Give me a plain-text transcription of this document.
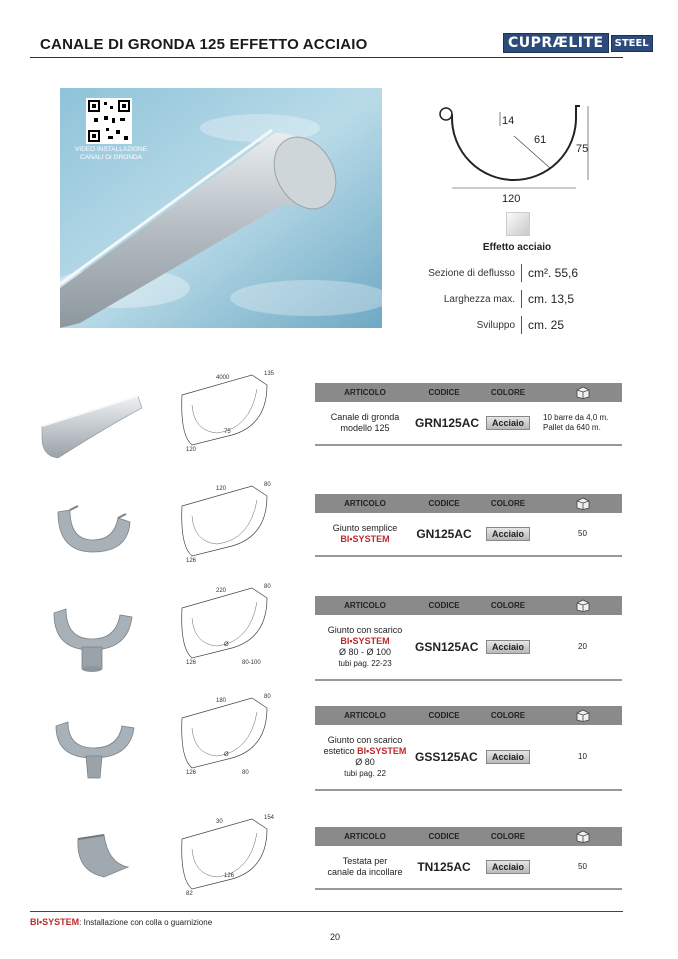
CANALE DI GRONDA 125 EFFETTO ACCIAIO	CUPRÆLITE	STEEL
VIDEO INSTALLAZIONE CANALI DI GRONDA
14
61
75
120
Effetto acciaio
Sezione di deflusso cm². 55,6
Larghezza max. cm. 13,5
Sviluppo cm. 25
4000
135
120
75
ARTICOLO	CODICE	COLORE
Canale di gronda
modello 125	GRN125AC	Acciaio
10 barre da 4,0 m.
Pallet da 640 m.
120
80
126
ARTICOLO	CODICE	COLORE
Giunto semplice
BI•SYSTEM	GN125AC	Acciaio	50
220
80
126
Ø
80-100
ARTICOLO	CODICE	COLORE
Giunto con scarico
BI•SYSTEM
Ø 80 - Ø 100
tubi pag. 22-23
GSN125AC	Acciaio	20
180
80
126
Ø
80
ARTICOLO	CODICE	COLORE
Giunto con scarico
estetico BI•SYSTEM
Ø 80
tubi pag. 22
GSS125AC	Acciaio	10
30
154
82
126
ARTICOLO	CODICE	COLORE
Testata per
canale da incollare	TN125AC	Acciaio	50
BI•SYSTEM: Installazione con colla o guarnizione
20
